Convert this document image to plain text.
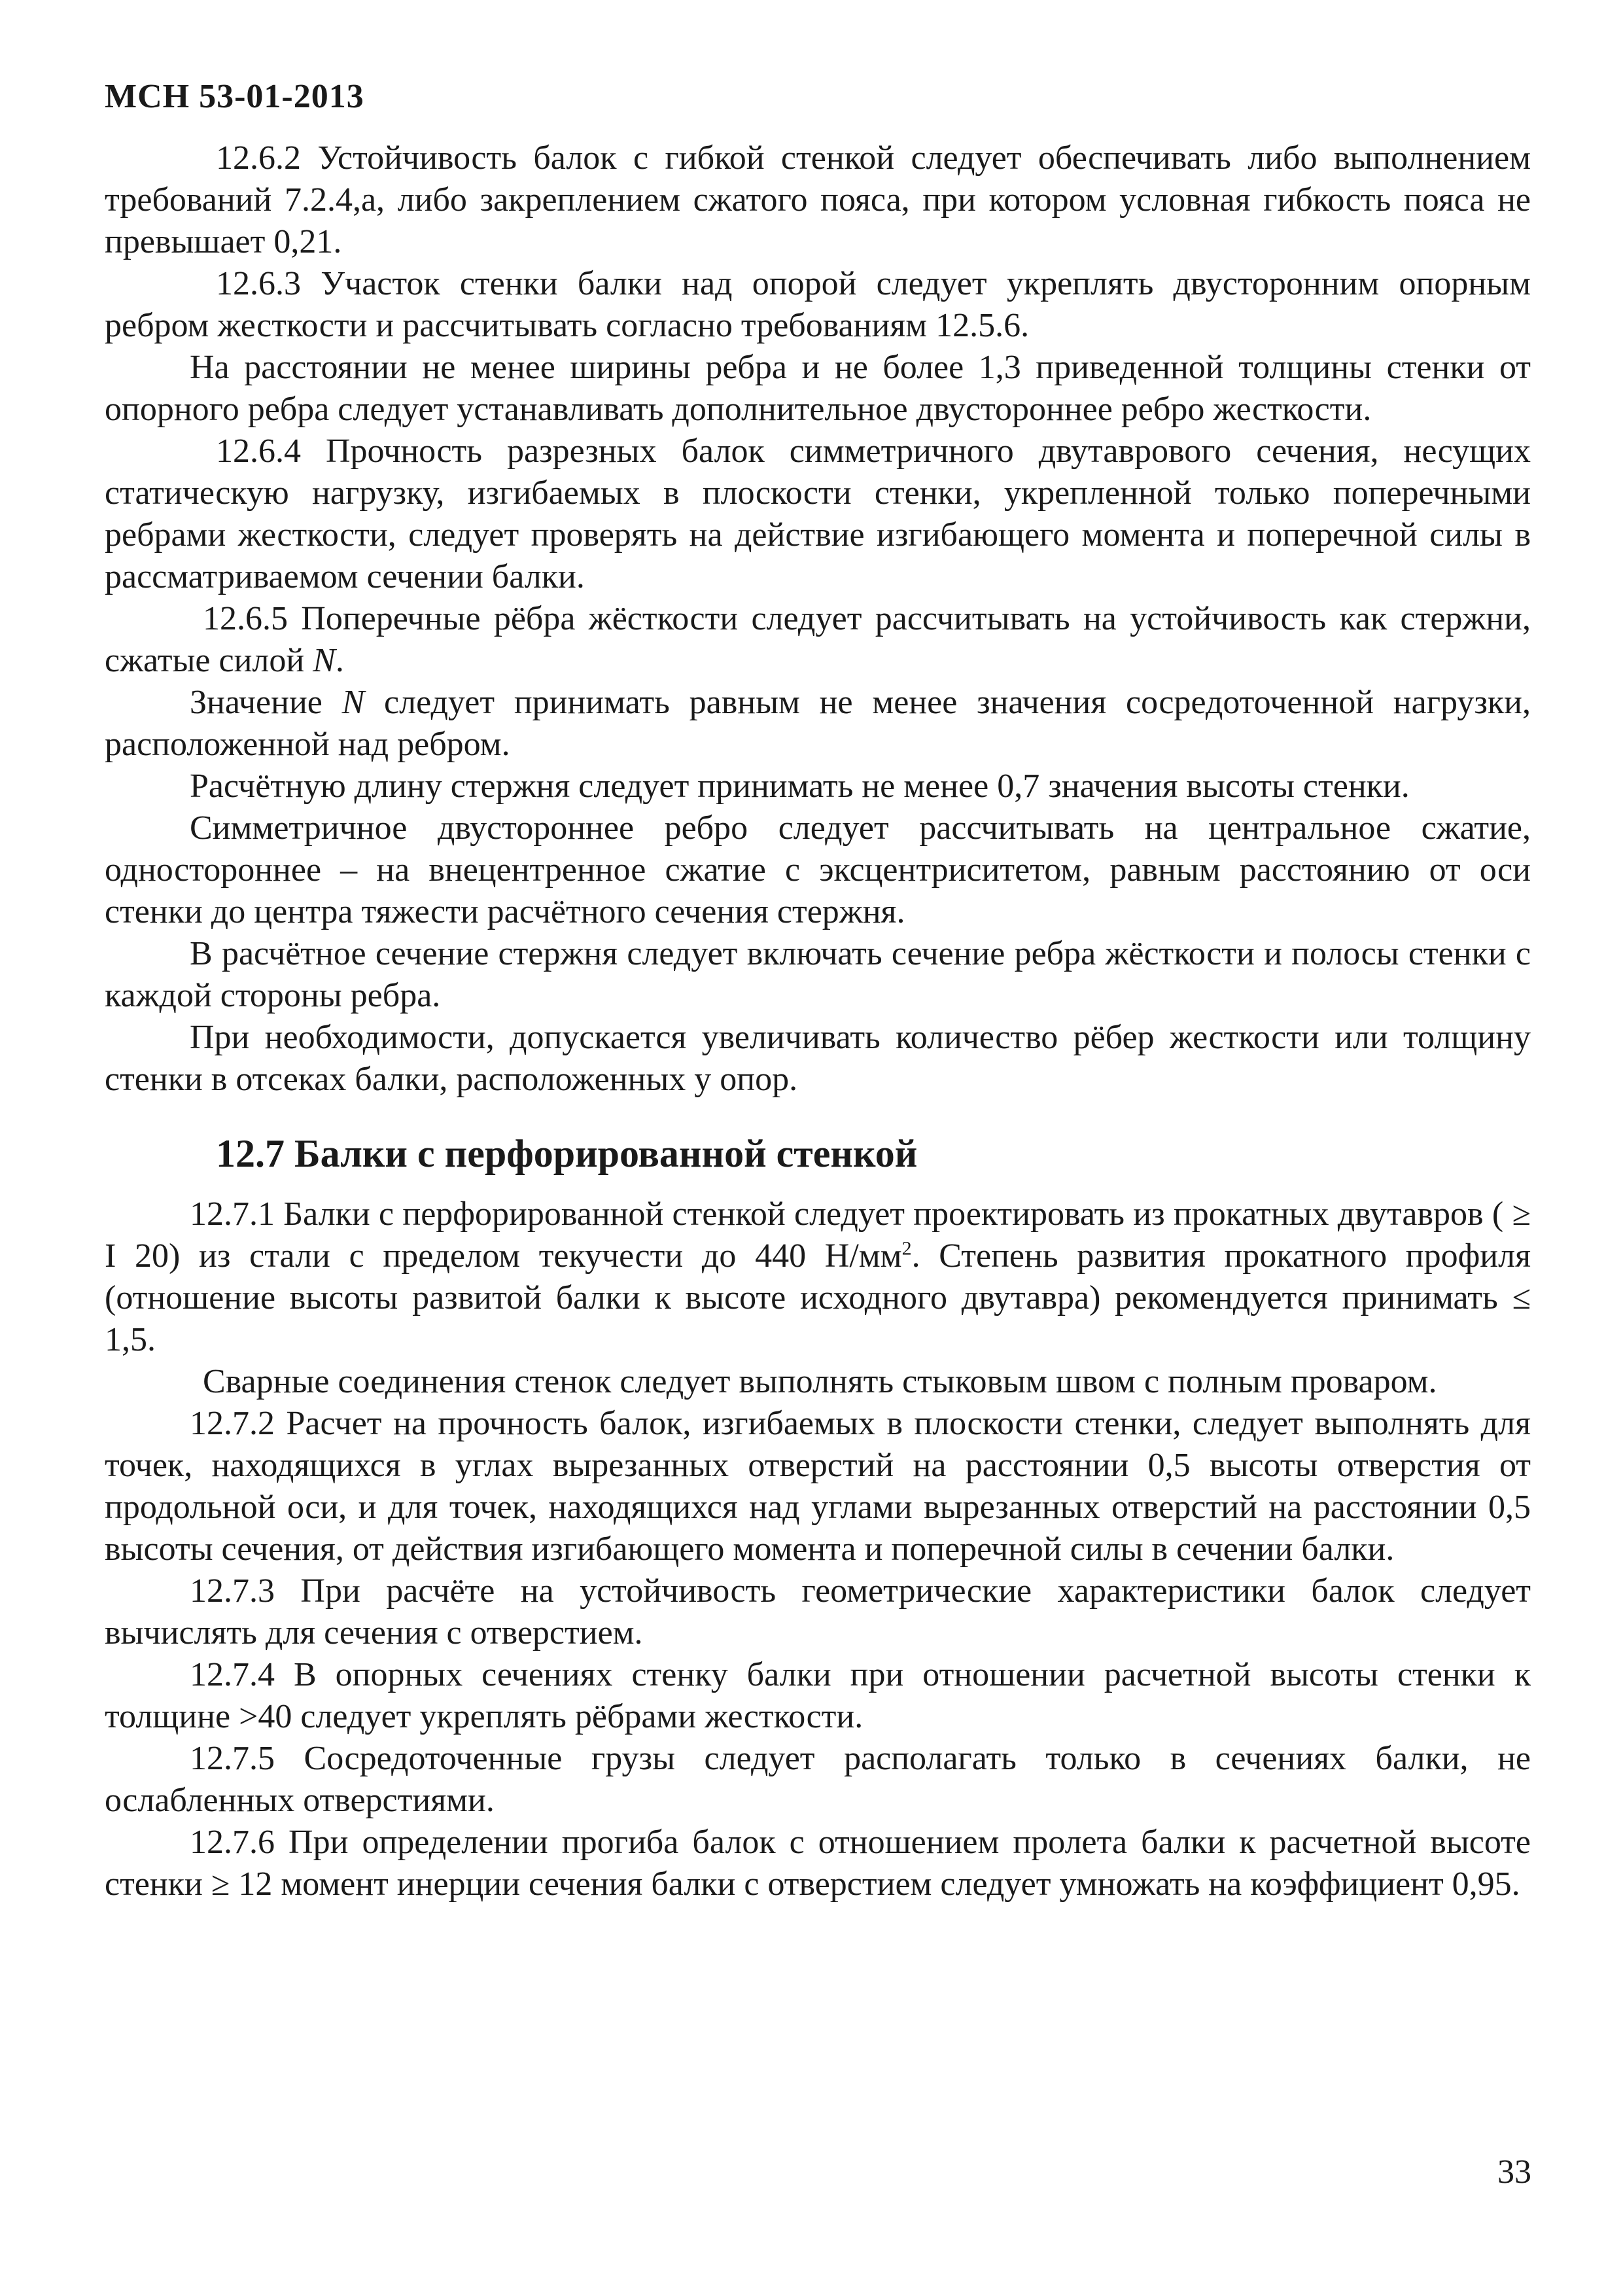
МСН 53-01-2013

12.6.2 Устойчивость балок с гибкой стенкой следует обеспечивать либо выполнением требований 7.2.4,а, либо закреплением сжатого пояса, при котором условная гибкость пояса не превышает 0,21.

12.6.3 Участок стенки балки над опорой следует укреплять двусторонним опорным ребром жесткости и рассчитывать согласно требованиям 12.5.6.

На расстоянии не менее ширины ребра и не более 1,3 приведенной толщины стенки от опорного ребра следует устанавливать дополнительное двустороннее ребро жесткости.

12.6.4 Прочность разрезных балок симметричного двутаврового сечения, несущих статическую нагрузку, изгибаемых в плоскости стенки, укрепленной только поперечными ребрами жесткости, следует проверять на действие изгибающего момента и поперечной силы в рассматриваемом сечении балки.

12.6.5 Поперечные рёбра жёсткости следует рассчитывать на устойчивость как стержни, сжатые силой N.

Значение N следует принимать равным не менее значения сосредоточенной нагрузки, расположенной над ребром.

Расчётную длину стержня следует принимать не менее 0,7 значения высоты стенки.

Симметричное двустороннее ребро следует рассчитывать на центральное сжатие, одностороннее – на внецентренное сжатие с эксцентриситетом, равным расстоянию от оси стенки до центра тяжести расчётного сечения стержня.

В расчётное сечение стержня следует включать сечение ребра жёсткости и полосы стенки с каждой стороны ребра.

При необходимости, допускается увеличивать количество рёбер жесткости или толщину стенки в отсеках балки, расположенных у опор.

12.7 Балки с перфорированной стенкой

12.7.1 Балки с перфорированной стенкой следует проектировать из прокатных двутавров ( ≥ I 20) из стали с пределом текучести до 440 $Н/мм^2$. Степень развития прокатного профиля (отношение высоты развитой балки к высоте исходного двутавра) рекомендуется принимать ≤ 1,5.

Сварные соединения стенок следует выполнять стыковым швом с полным проваром.

12.7.2 Расчет на прочность балок, изгибаемых в плоскости стенки, следует выполнять для точек, находящихся в углах вырезанных отверстий на расстоянии 0,5 высоты отверстия от продольной оси, и для точек, находящихся над углами вырезанных отверстий на расстоянии 0,5 высоты сечения, от действия изгибающего момента и поперечной силы в сечении балки.

12.7.3 При расчёте на устойчивость геометрические характеристики балок следует вычислять для сечения с отверстием.

12.7.4 В опорных сечениях стенку балки при отношении расчетной высоты стенки к толщине >40 следует укреплять рёбрами жесткости.

12.7.5 Сосредоточенные грузы следует располагать только в сечениях балки, не ослабленных отверстиями.

12.7.6 При определении прогиба балок с отношением пролета балки к расчетной высоте стенки ≥ 12 момент инерции сечения балки с отверстием следует умножать на коэффициент 0,95.

33
